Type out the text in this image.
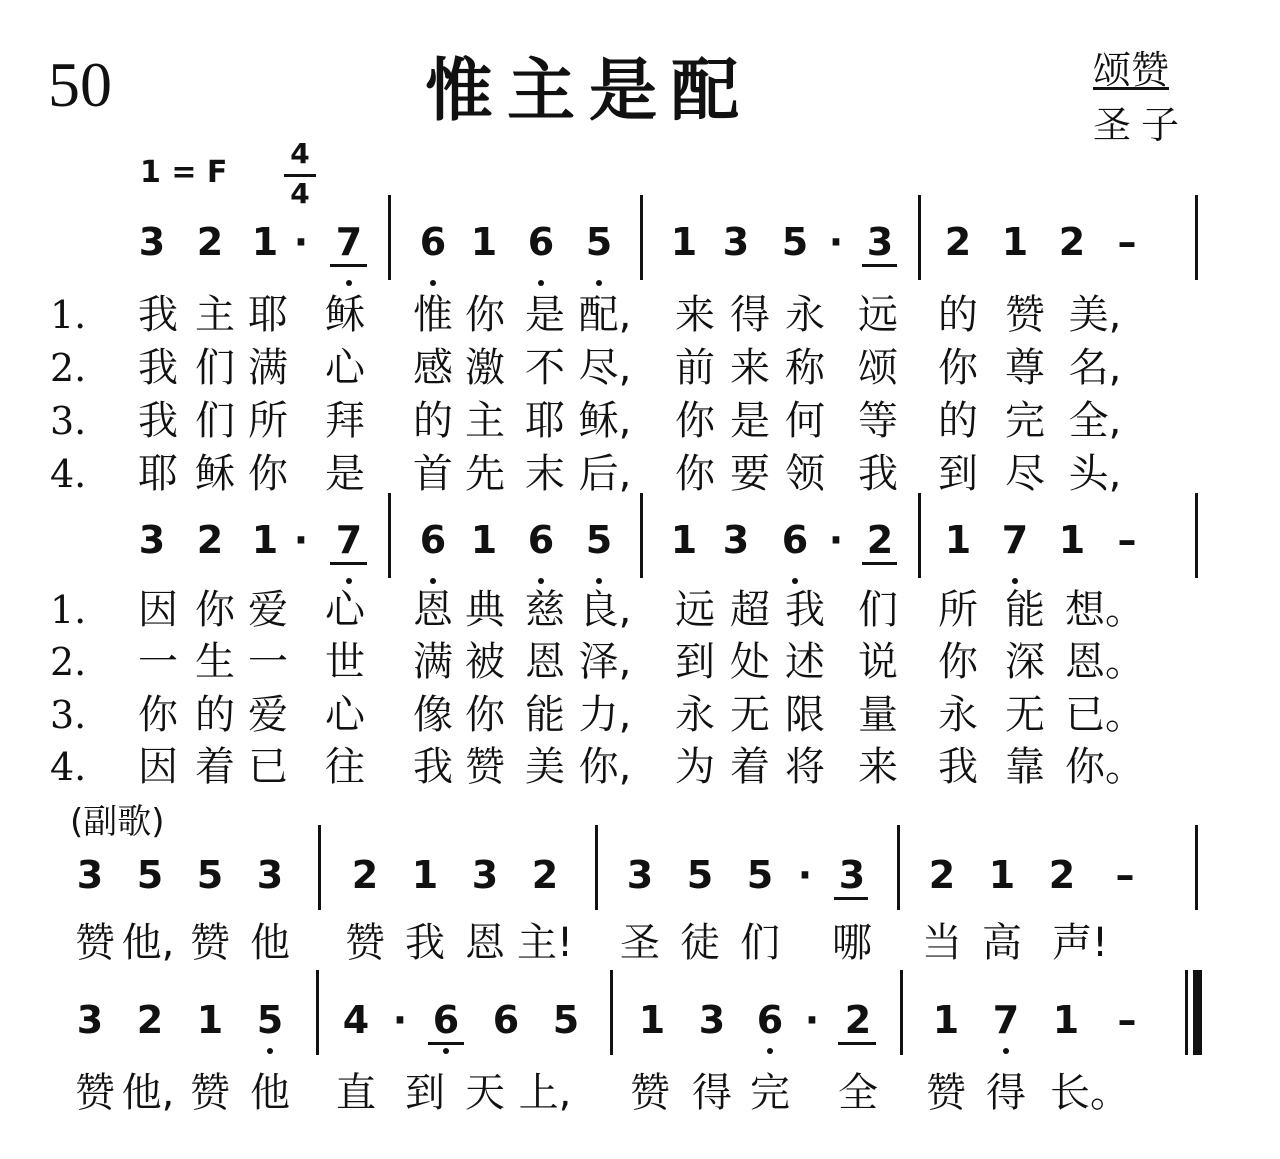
50	惟主是配	颂赞
圣子
1 = F
4
4
3 2 1 · 7 6 1 6 5 1 3 5 · 3 2 1 2 –
3 2 1 · 7 6 1 6 5 1 3 6 · 2 1 7 1 –
3 5 5 3 2 1 3 2 3 5 5 · 3 2 1 2 –
3 2 1 5 4 · 6 6 5 1 3 6 · 2 1 7 1 –
1.	我 主 耶 稣 惟 你 是 配, 来 得 永 远 的 赞 美,
2.	我 们 满 心 感 激 不 尽, 前 来 称 颂 你 尊 名,
3.	我 们 所 拜 的 主 耶 稣, 你 是 何 等 的 完 全,
4.	耶 稣 你 是 首 先 末 后, 你 要 领 我 到 尽 头,
1.	因 你 爱 心 恩 典 慈 良, 远 超 我 们 所 能 想。
2.	一 生 一 世 满 被 恩 泽, 到 处 述 说 你 深 恩。
3.	你 的 爱 心 像 你 能 力, 永 无 限 量 永 无 已。
4.	因 着 已 往 我 赞 美 你, 为 着 将 来 我 靠 你。
赞 他, 赞 他 赞 我 恩 主! 圣 徒 们 哪 当 高 声!
赞 他, 赞 他 直 到 天 上, 赞 得 完 全 赞 得 长。
(副歌)
